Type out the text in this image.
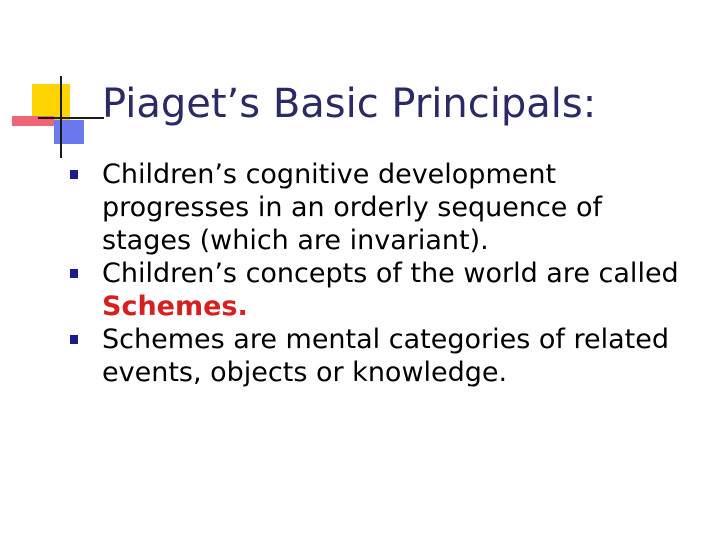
Piaget’s Basic Principals:
Children’s cognitive development progresses in an orderly sequence of stages (which are invariant).
Children’s concepts of the world are called Schemes.
Schemes are mental categories of related events, objects or knowledge.
